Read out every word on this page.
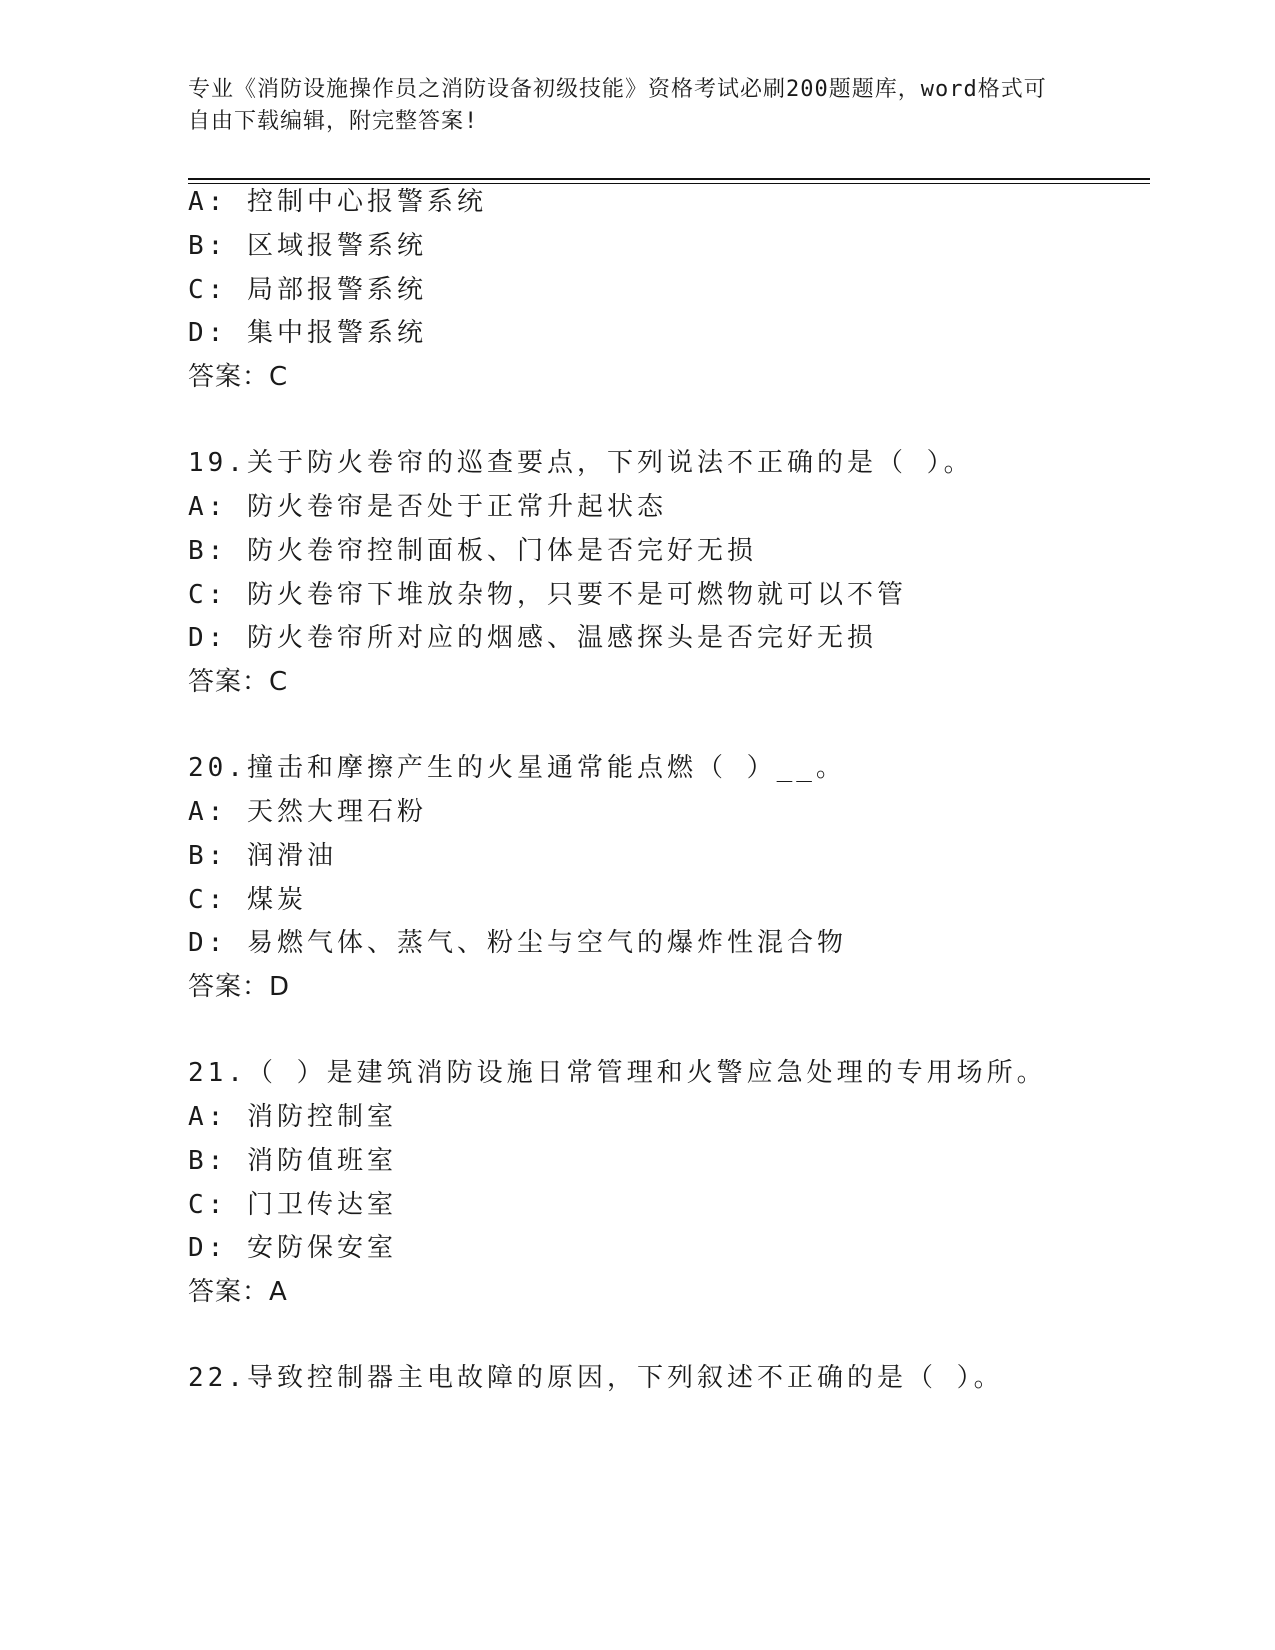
专业《消防设施操作员之消防设备初级技能》资格考试必刷200题题库，word格式可自由下载编辑，附完整答案!
A: 控制中心报警系统
B: 区域报警系统
C: 局部报警系统
D: 集中报警系统
答案：C
19.关于防火卷帘的巡查要点，下列说法不正确的是（ ）。
A: 防火卷帘是否处于正常升起状态
B: 防火卷帘控制面板、门体是否完好无损
C: 防火卷帘下堆放杂物，只要不是可燃物就可以不管
D: 防火卷帘所对应的烟感、温感探头是否完好无损
答案：C
20.撞击和摩擦产生的火星通常能点燃（ ）__。
A: 天然大理石粉
B: 润滑油
C: 煤炭
D: 易燃气体、蒸气、粉尘与空气的爆炸性混合物
答案：D
21.（ ）是建筑消防设施日常管理和火警应急处理的专用场所。
A: 消防控制室
B: 消防值班室
C: 门卫传达室
D: 安防保安室
答案：A
22.导致控制器主电故障的原因，下列叙述不正确的是（ ）。
